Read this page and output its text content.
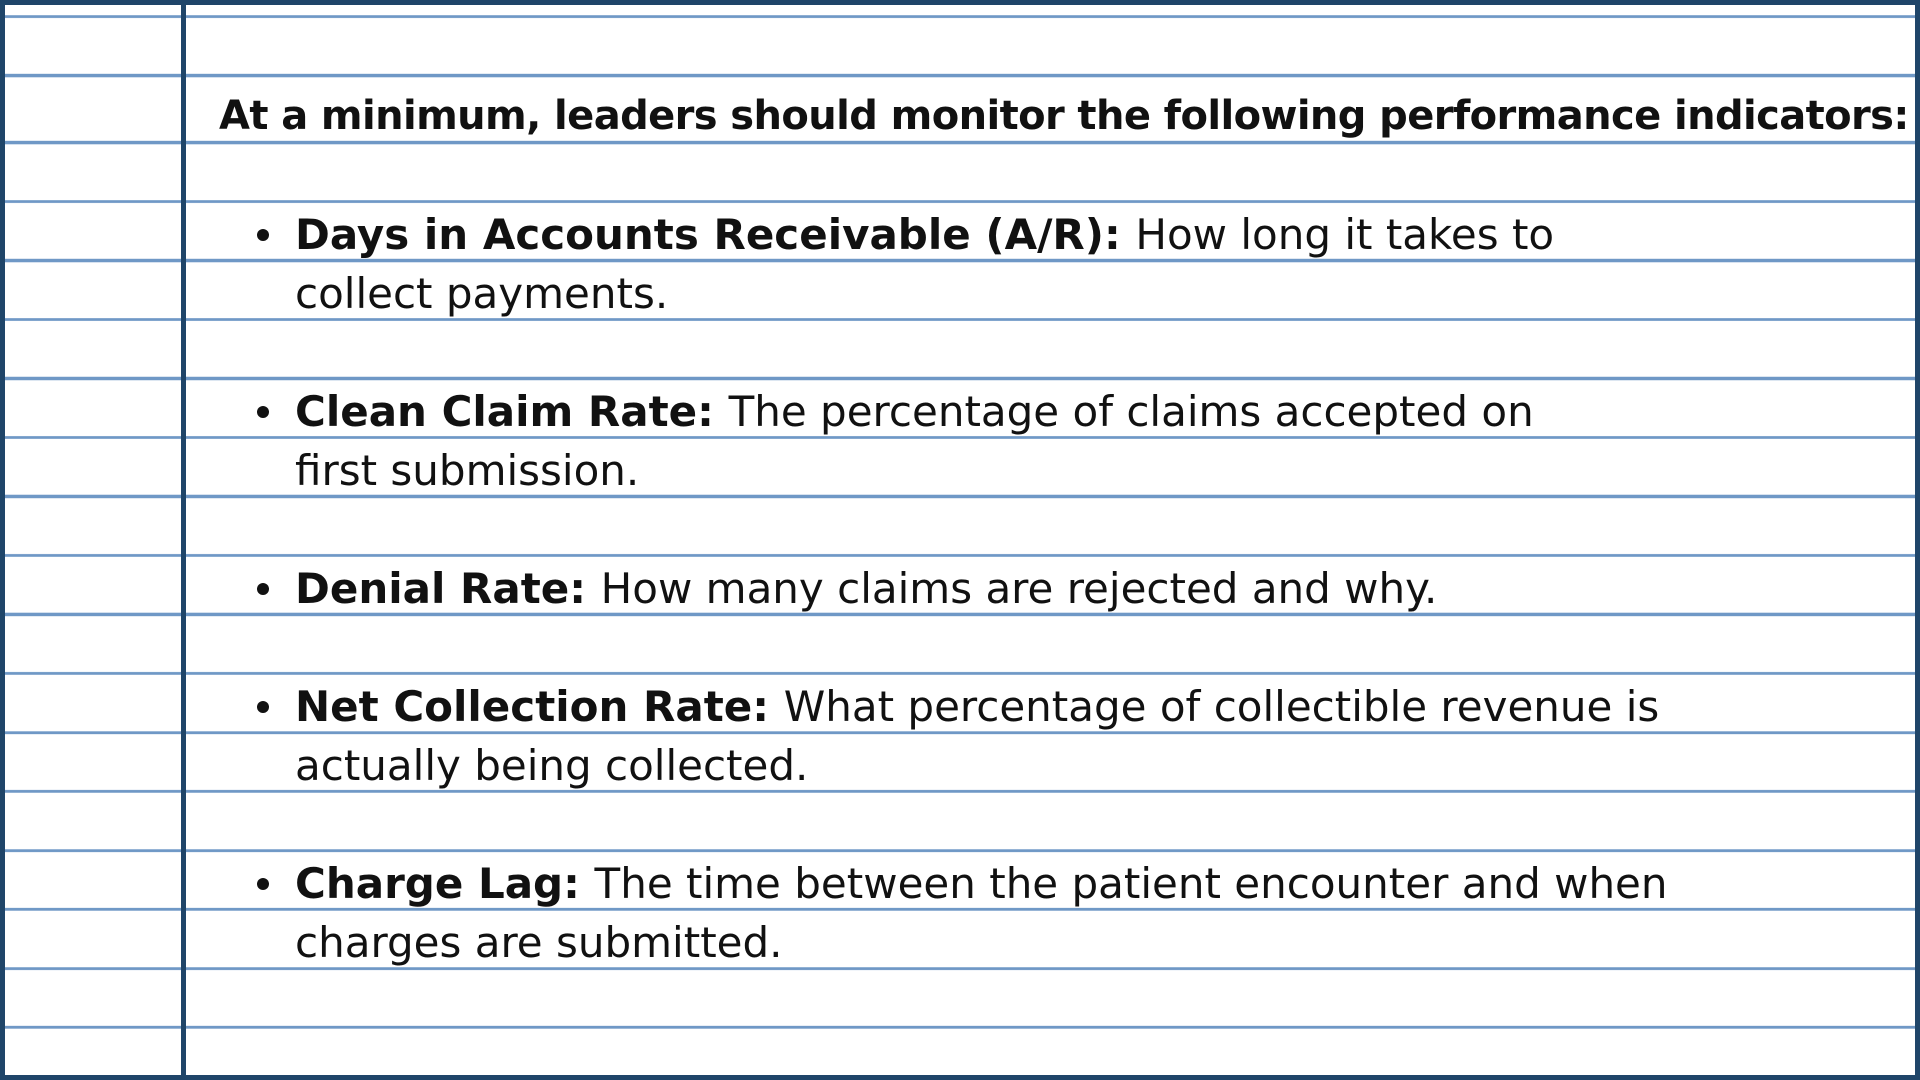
At a minimum, leaders should monitor the following performance indicators:
Days in Accounts Receivable (A/R): How long it takes to collect payments.
Clean Claim Rate: The percentage of claims accepted on first submission.
Denial Rate: How many claims are rejected and why.
Net Collection Rate: What percentage of collectible revenue is actually being collected.
Charge Lag: The time between the patient encounter and when charges are submitted.
